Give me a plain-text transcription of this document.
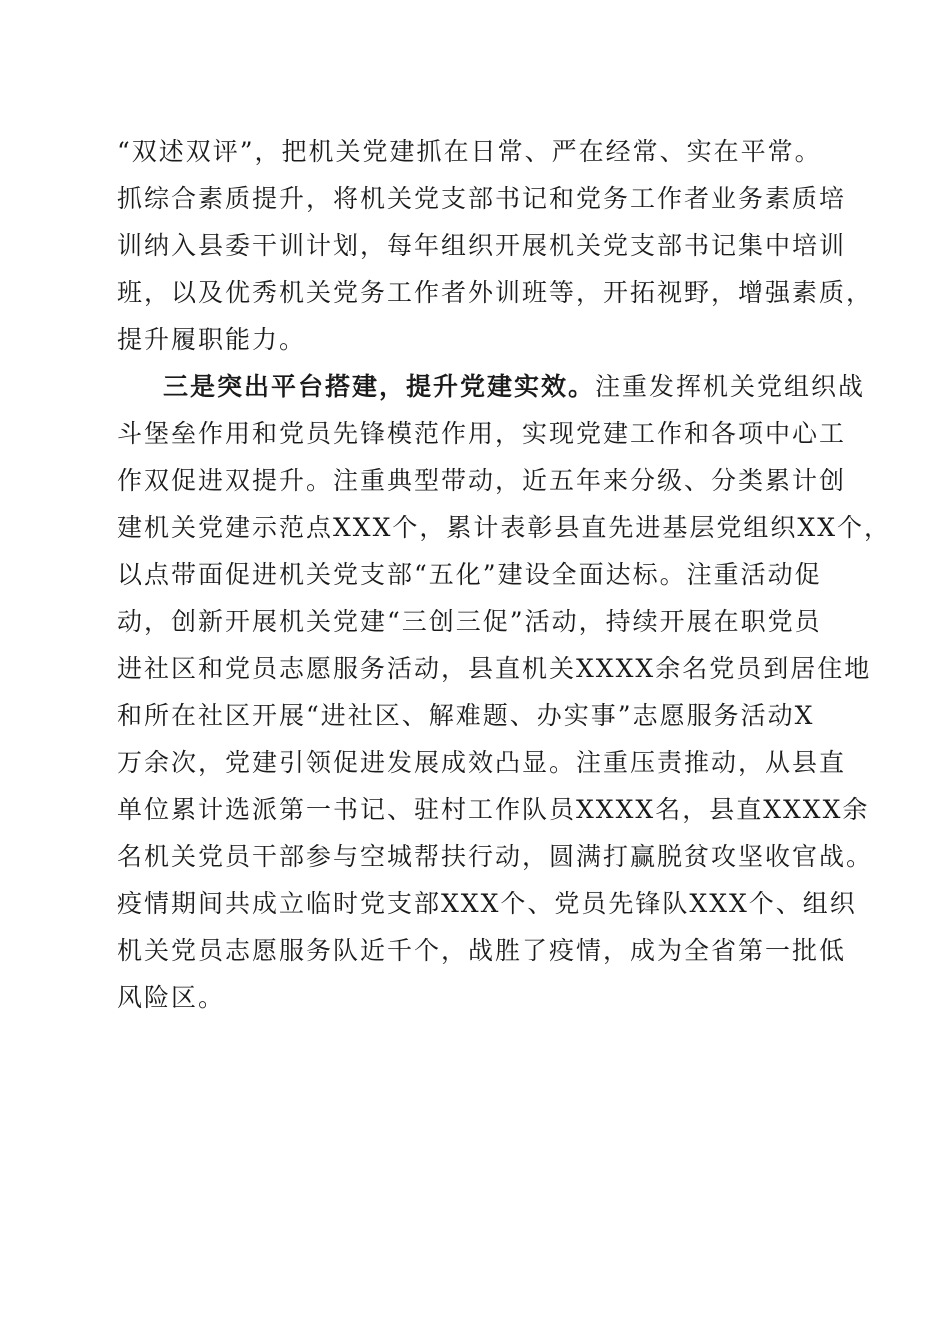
“双述双评”，把机关党建抓在日常、严在经常、实在平常。
抓综合素质提升，将机关党支部书记和党务工作者业务素质培
训纳入县委干训计划，每年组织开展机关党支部书记集中培训
班，以及优秀机关党务工作者外训班等，开拓视野，增强素质，
提升履职能力。

三是突出平台搭建，提升党建实效。注重发挥机关党组织战
斗堡垒作用和党员先锋模范作用，实现党建工作和各项中心工
作双促进双提升。注重典型带动，近五年来分级、分类累计创
建机关党建示范点XXX个，累计表彰县直先进基层党组织XX个，
以点带面促进机关党支部“五化”建设全面达标。注重活动促
动，创新开展机关党建“三创三促”活动，持续开展在职党员
进社区和党员志愿服务活动，县直机关XXXX余名党员到居住地
和所在社区开展“进社区、解难题、办实事”志愿服务活动X
万余次，党建引领促进发展成效凸显。注重压责推动，从县直
单位累计选派第一书记、驻村工作队员XXXX名，县直XXXX余
名机关党员干部参与空城帮扶行动，圆满打赢脱贫攻坚收官战。
疫情期间共成立临时党支部XXX个、党员先锋队XXX个、组织
机关党员志愿服务队近千个，战胜了疫情，成为全省第一批低
风险区。
